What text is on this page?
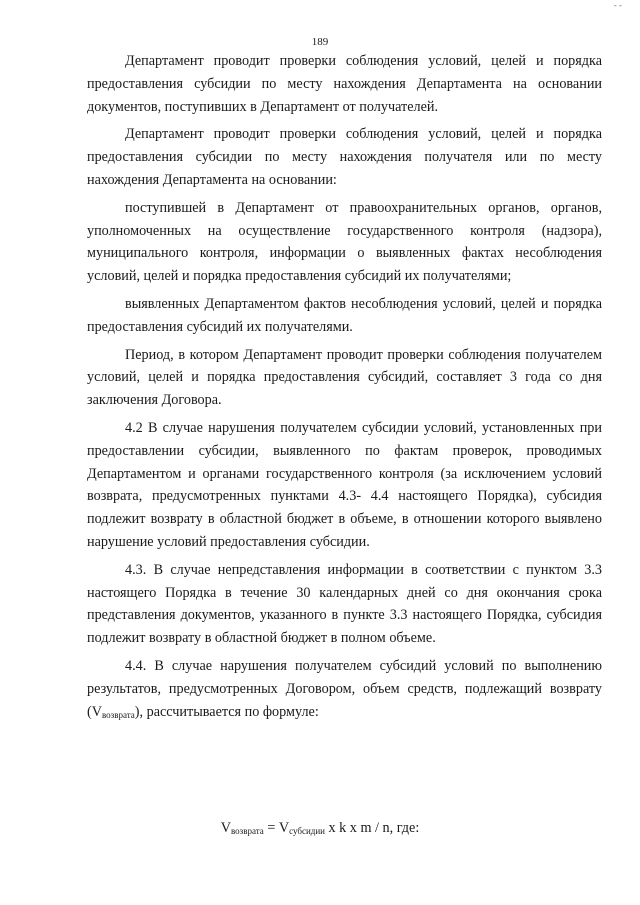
189
- -

Департамент проводит проверки соблюдения условий, целей и порядка предоставления субсидии по месту нахождения Департамента на основании документов, поступивших в Департамент от получателей.

Департамент проводит проверки соблюдения условий, целей и порядка предоставления субсидии по месту нахождения получателя или по месту нахождения Департамента на основании:

поступившей в Департамент от правоохранительных органов, органов, уполномоченных на осуществление государственного контроля (надзора), муниципального контроля, информации о выявленных фактах несоблюдения условий, целей и порядка предоставления субсидий их получателями;

выявленных Департаментом фактов несоблюдения условий, целей и порядка предоставления субсидий их получателями.

Период, в котором Департамент проводит проверки соблюдения получателем условий, целей и порядка предоставления субсидий, составляет 3 года со дня заключения Договора.

4.2 В случае нарушения получателем субсидии условий, установленных при предоставлении субсидии, выявленного по фактам проверок, проводимых Департаментом и органами государственного контроля (за исключением условий возврата, предусмотренных пунктами 4.3- 4.4 настоящего Порядка), субсидия подлежит возврату в областной бюджет в объеме, в отношении которого выявлено нарушение условий предоставления субсидии.

4.3. В случае непредставления информации в соответствии с пунктом 3.3 настоящего Порядка в течение 30 календарных дней со дня окончания срока представления документов, указанного в пункте 3.3 настоящего Порядка, субсидия подлежит возврату в областной бюджет в полном объеме.

4.4. В случае нарушения получателем субсидий условий по выполнению результатов, предусмотренных Договором, объем средств, подлежащий возврату $(V_{возврата})$, рассчитывается по формуле:

$V_{возврата} = V_{субсидии}$ x k x m / n, где:
